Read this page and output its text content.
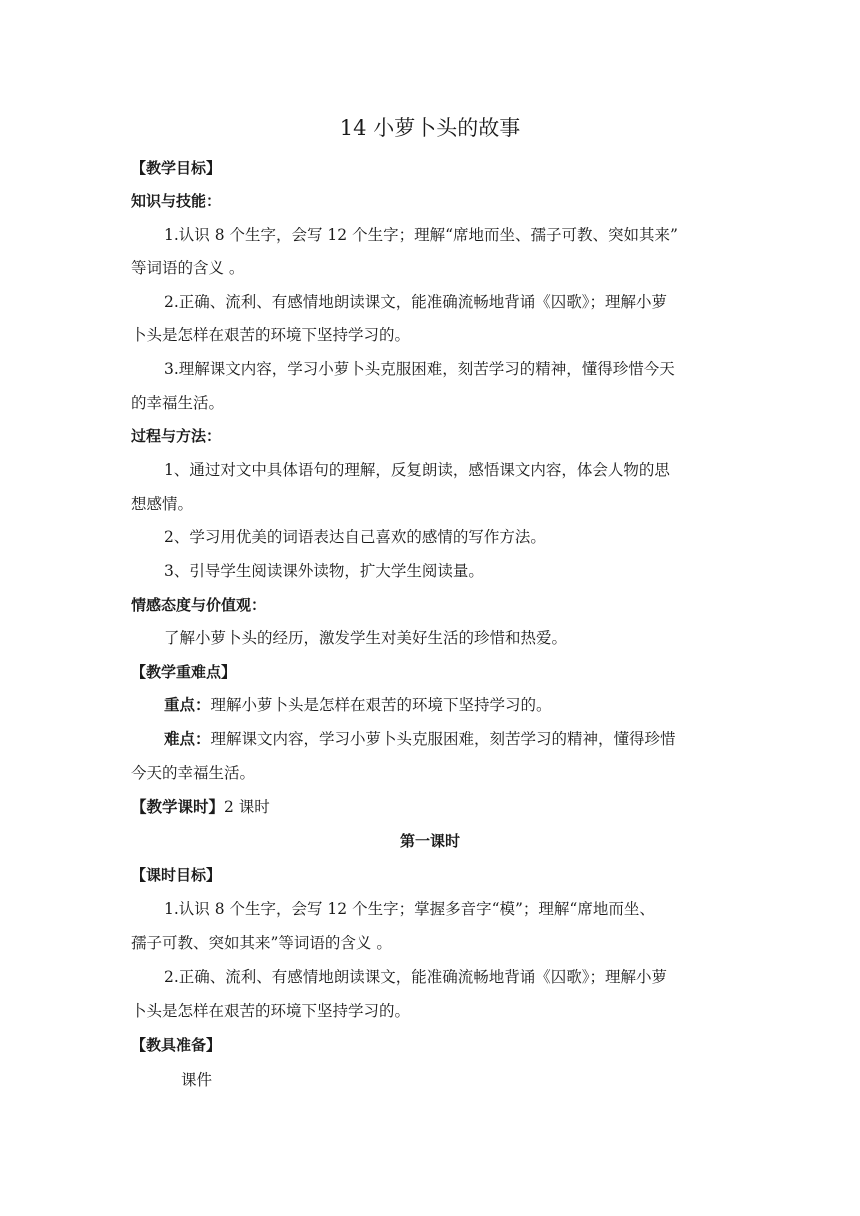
14 小萝卜头的故事
【教学目标】
知识与技能：
1.认识 8 个生字，会写 12 个生字；理解“席地而坐、孺子可教、突如其来”
等词语的含义 。
2.正确、流利、有感情地朗读课文，能准确流畅地背诵《囚歌》；理解小萝
卜头是怎样在艰苦的环境下坚持学习的。
3.理解课文内容，学习小萝卜头克服困难，刻苦学习的精神，懂得珍惜今天
的幸福生活。
过程与方法：
1、通过对文中具体语句的理解，反复朗读，感悟课文内容，体会人物的思
想感情。
2、学习用优美的词语表达自己喜欢的感情的写作方法。
3、引导学生阅读课外读物，扩大学生阅读量。
情感态度与价值观：
了解小萝卜头的经历，激发学生对美好生活的珍惜和热爱。
【教学重难点】
重点：理解小萝卜头是怎样在艰苦的环境下坚持学习的。
难点：理解课文内容，学习小萝卜头克服困难，刻苦学习的精神，懂得珍惜
今天的幸福生活。
【教学课时】2 课时
第一课时
【课时目标】
1.认识 8 个生字，会写 12 个生字；掌握多音字“模”；理解“席地而坐、
孺子可教、突如其来”等词语的含义 。
2.正确、流利、有感情地朗读课文，能准确流畅地背诵《囚歌》；理解小萝
卜头是怎样在艰苦的环境下坚持学习的。
【教具准备】
课件
